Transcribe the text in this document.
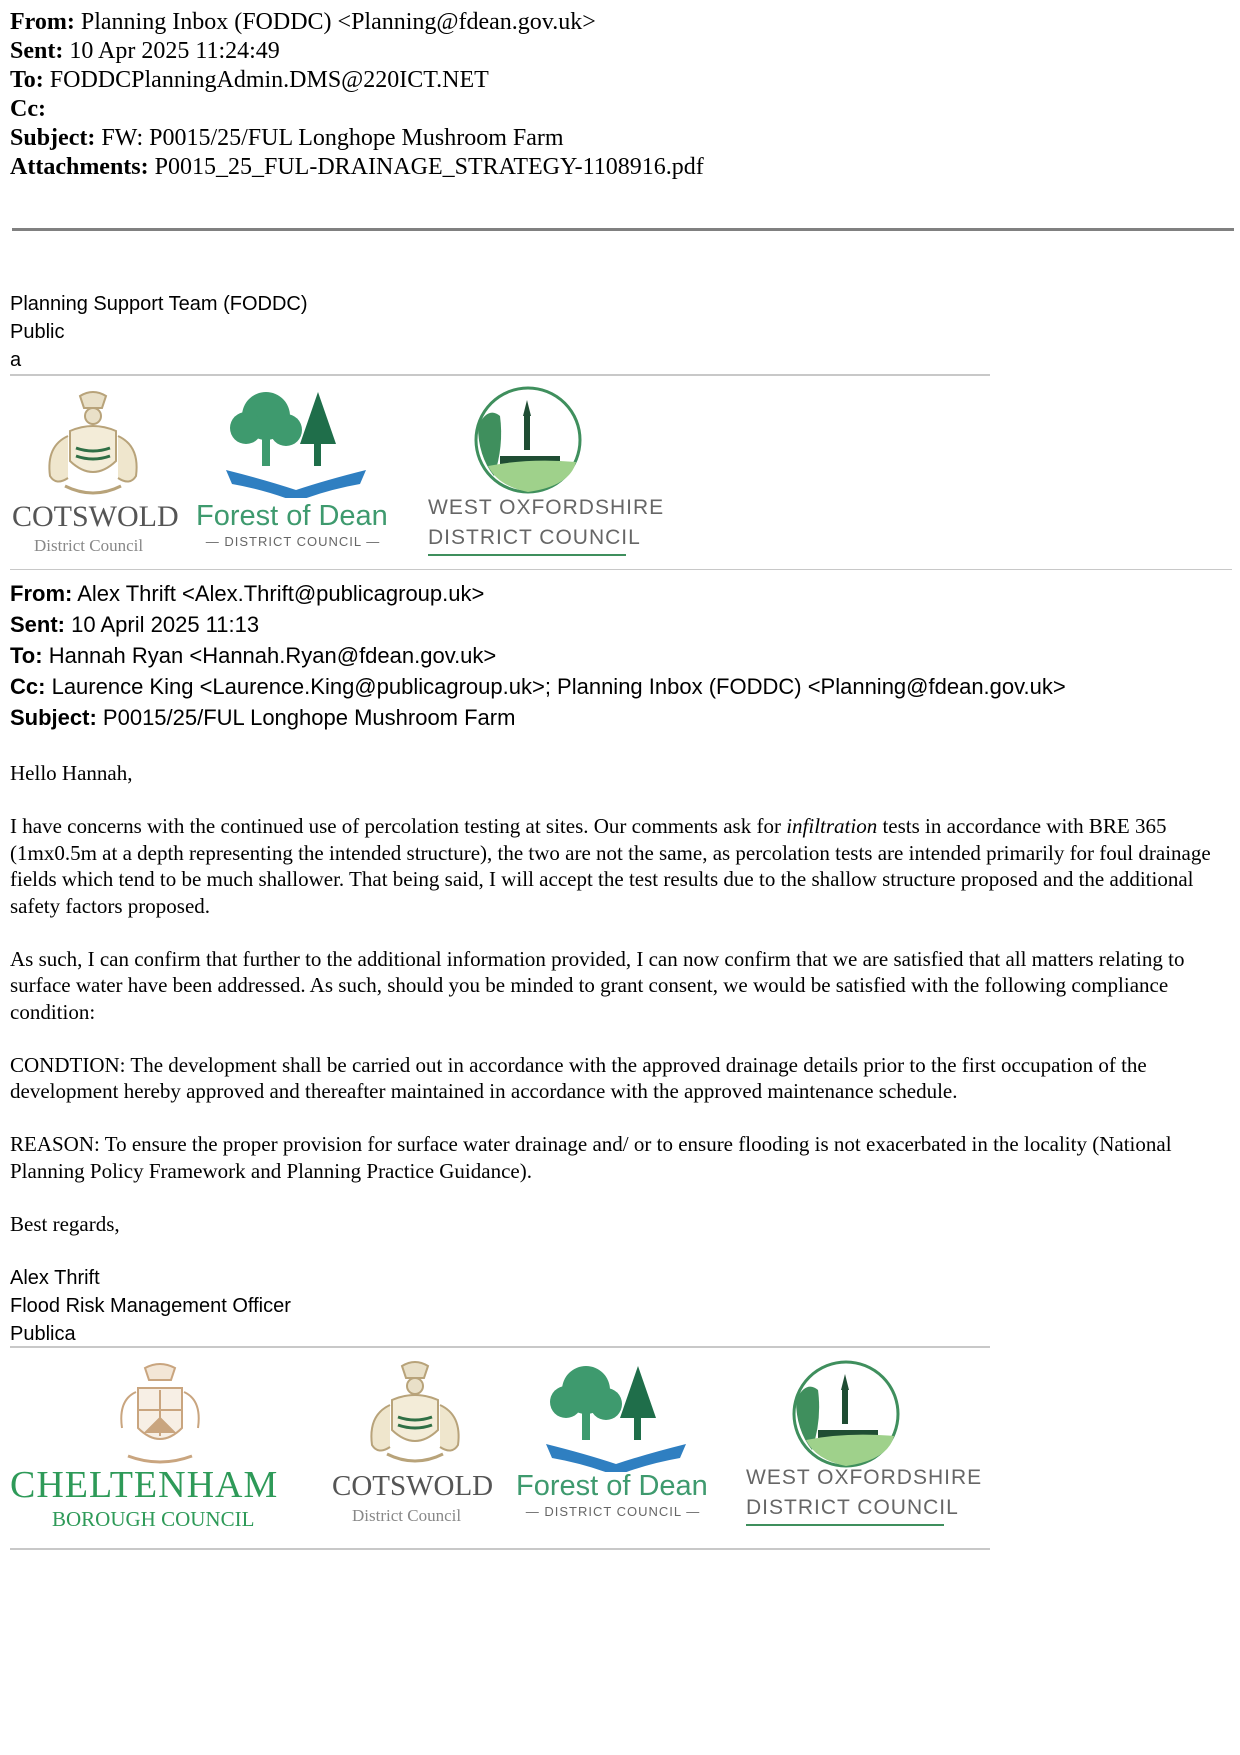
From: Planning Inbox (FODDC) <Planning@fdean.gov.uk>
Sent: 10 Apr 2025 11:24:49
To: FODDCPlanningAdmin.DMS@220ICT.NET
Cc:
Subject: FW: P0015/25/FUL Longhope Mushroom Farm
Attachments: P0015_25_FUL-DRAINAGE_STRATEGY-1108916.pdf
Planning Support Team (FODDC)
Public
a
COTSWOLD
District Council
Forest of Dean
— DISTRICT COUNCIL —
WEST OXFORDSHIRE
DISTRICT COUNCIL
From: Alex Thrift <Alex.Thrift@publicagroup.uk>
Sent: 10 April 2025 11:13
To: Hannah Ryan <Hannah.Ryan@fdean.gov.uk>
Cc: Laurence King <Laurence.King@publicagroup.uk>; Planning Inbox (FODDC) <Planning@fdean.gov.uk>
Subject: P0015/25/FUL Longhope Mushroom Farm

Hello Hannah,

I have concerns with the continued use of percolation testing at sites. Our comments ask for infiltration tests in accordance with BRE 365 (1mx0.5m at a depth representing the intended structure), the two are not the same, as percolation tests are intended primarily for foul drainage fields which tend to be much shallower. That being said, I will accept the test results due to the shallow structure proposed and the additional safety factors proposed.

As such, I can confirm that further to the additional information provided, I can now confirm that we are satisfied that all matters relating to surface water have been addressed. As such, should you be minded to grant consent, we would be satisfied with the following compliance condition:

CONDTION: The development shall be carried out in accordance with the approved drainage details prior to the first occupation of the development hereby approved and thereafter maintained in accordance with the approved maintenance schedule.

REASON: To ensure the proper provision for surface water drainage and/ or to ensure flooding is not exacerbated in the locality (National Planning Policy Framework and Planning Practice Guidance).

Best regards,

Alex Thrift
Flood Risk Management Officer
Publica
CHELTENHAM
BOROUGH COUNCIL
COTSWOLD
District Council
Forest of Dean
— DISTRICT COUNCIL —
WEST OXFORDSHIRE
DISTRICT COUNCIL
